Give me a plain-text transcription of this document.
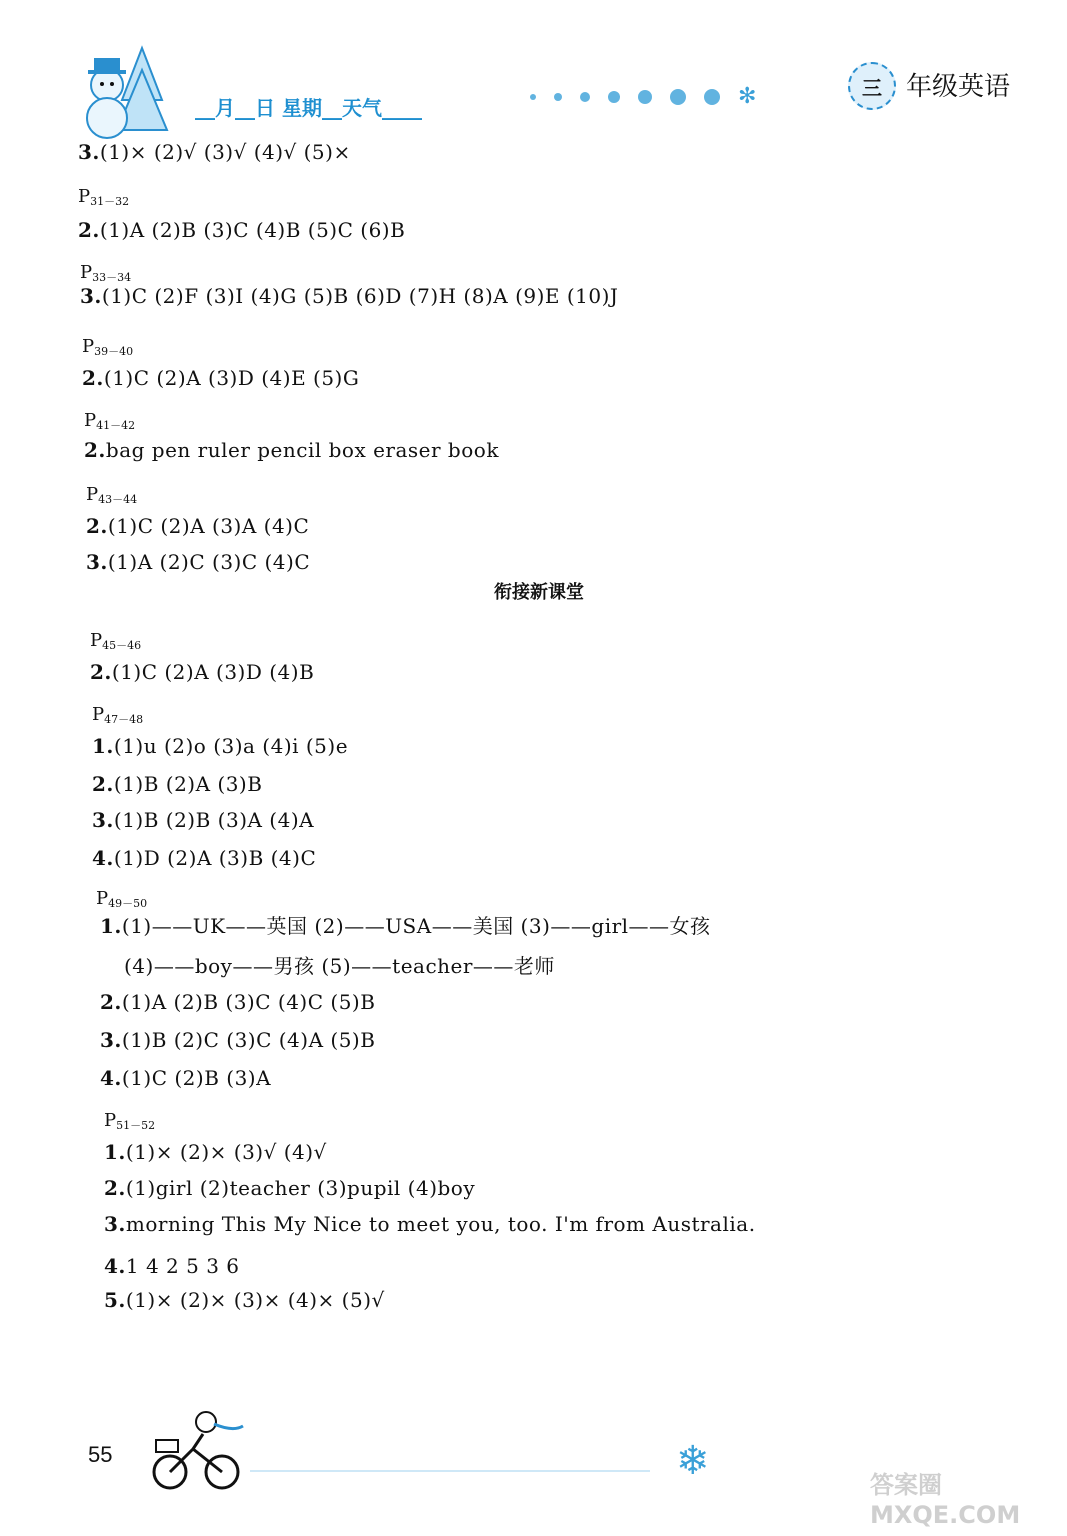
__月__日 星期__天气____	✻	三 年级英语
3.(1)× (2)√ (3)√ (4)√ (5)×
$P_{31-32}$
2.(1)A (2)B (3)C (4)B (5)C (6)B
$P_{33-34}$
3.(1)C (2)F (3)I (4)G (5)B (6)D (7)H (8)A (9)E (10)J
$P_{39-40}$
2.(1)C (2)A (3)D (4)E (5)G
$P_{41-42}$
2.bag pen ruler pencil box eraser book
$P_{43-44}$
2.(1)C (2)A (3)A (4)C
3.(1)A (2)C (3)C (4)C
衔接新课堂
$P_{45-46}$
2.(1)C (2)A (3)D (4)B
$P_{47-48}$
1.(1)u (2)o (3)a (4)i (5)e
2.(1)B (2)A (3)B
3.(1)B (2)B (3)A (4)A
4.(1)D (2)A (3)B (4)C
$P_{49-50}$
1.(1)——UK——英国 (2)——USA——美国 (3)——girl——女孩
(4)——boy——男孩 (5)——teacher——老师
2.(1)A (2)B (3)C (4)C (5)B
3.(1)B (2)C (3)C (4)A (5)B
4.(1)C (2)B (3)A
$P_{51-52}$
1.(1)× (2)× (3)√ (4)√
2.(1)girl (2)teacher (3)pupil (4)boy
3.morning This My Nice to meet you, too. I'm from Australia.
4.1 4 2 5 3 6
5.(1)× (2)× (3)× (4)× (5)√
55	❄
答案圈 MXQE.COM
